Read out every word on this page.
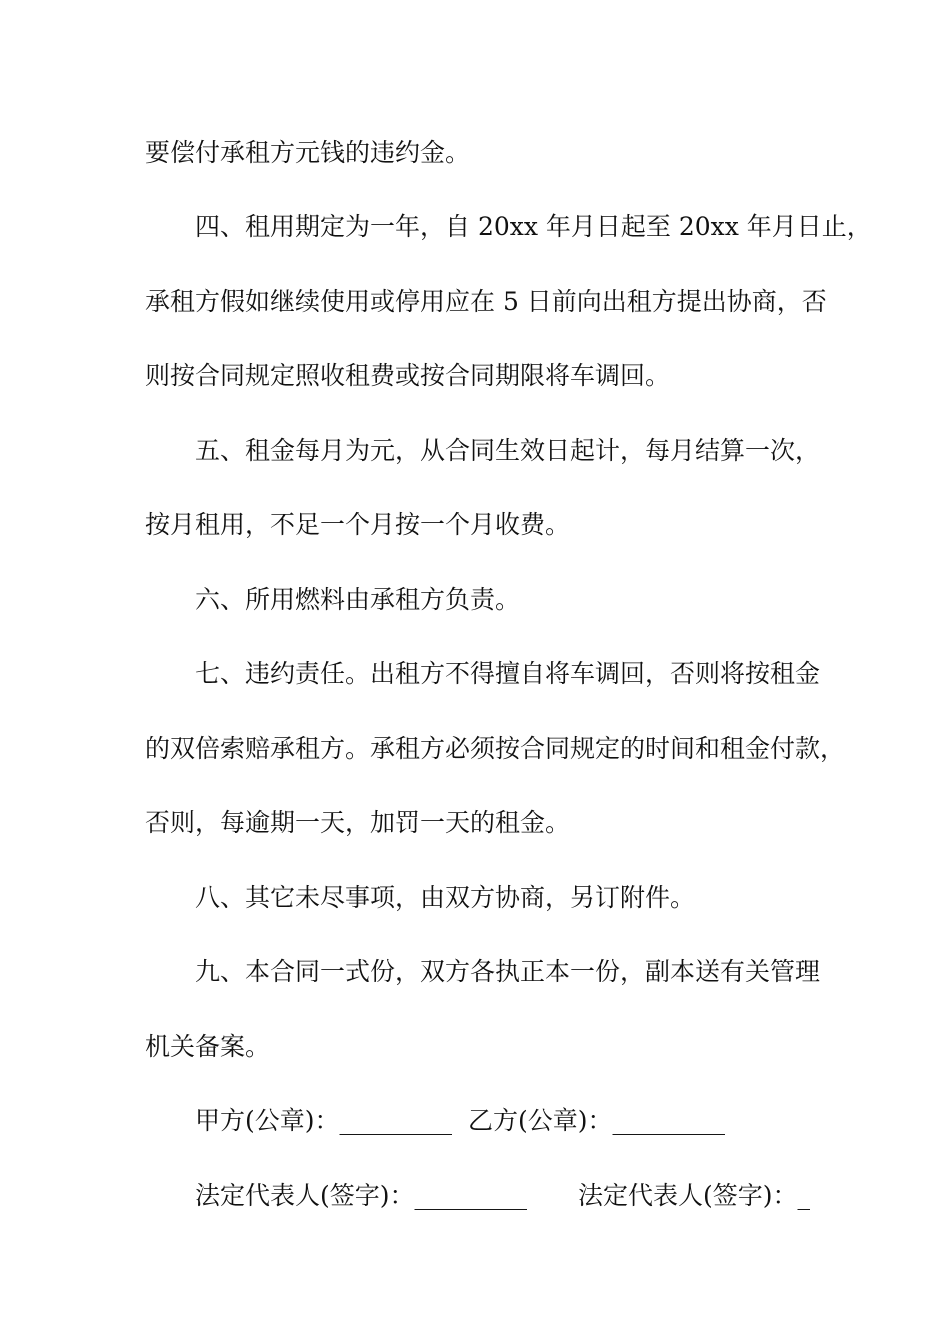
要偿付承租方元钱的违约金。
四、租用期定为一年，自 20xx 年月日起至 20xx 年月日止，
承租方假如继续使用或停用应在 5 日前向出租方提出协商，否
则按合同规定照收租费或按合同期限将车调回。
五、租金每月为元，从合同生效日起计，每月结算一次，
按月租用，不足一个月按一个月收费。
六、所用燃料由承租方负责。
七、违约责任。出租方不得擅自将车调回，否则将按租金
的双倍索赔承租方。承租方必须按合同规定的时间和租金付款，
否则，每逾期一天，加罚一天的租金。
八、其它未尽事项，由双方协商，另订附件。
九、本合同一式份，双方各执正本一份，副本送有关管理
机关备案。
甲方(公章)：_________ 乙方(公章)：_________
法定代表人(签字)：_________ 法定代表人(签字)：_
